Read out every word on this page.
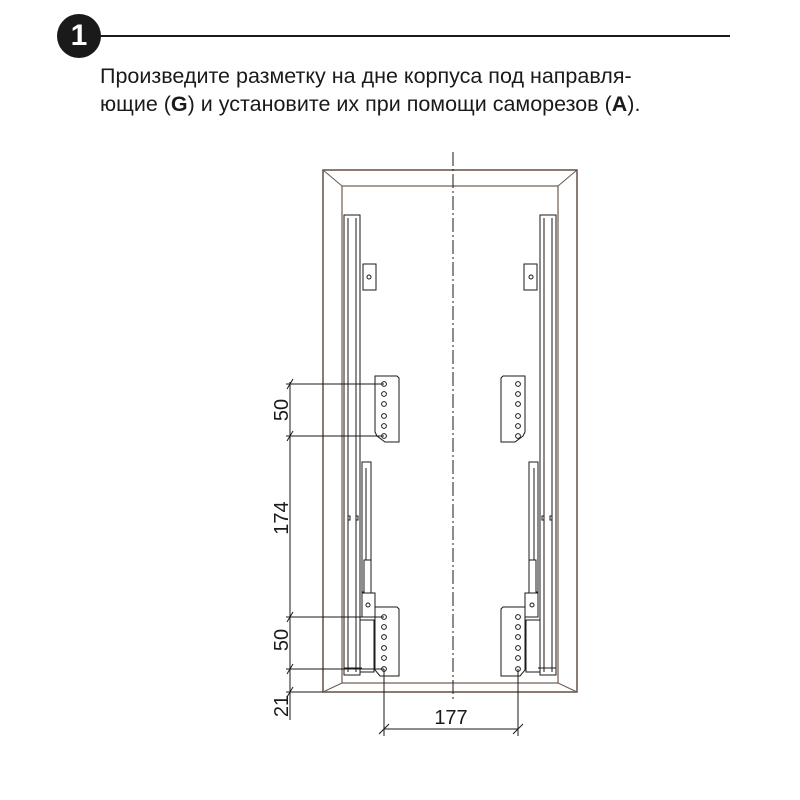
1
Произведите разметку на дне корпуса под направля-
ющие (G) и установите их при помощи саморезов (A).
50
174
50
21
177
